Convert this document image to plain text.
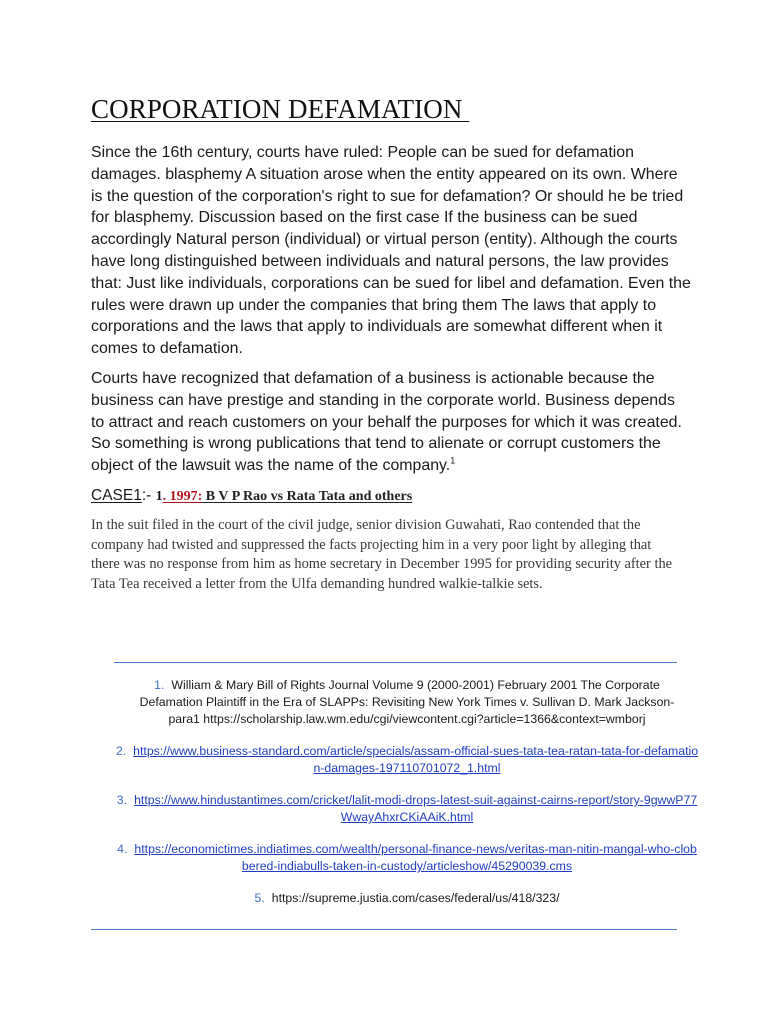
CORPORATION DEFAMATION

Since the 16th century, courts have ruled: People can be sued for defamation damages. blasphemy A situation arose when the entity appeared on its own. Where is the question of the corporation's right to sue for defamation? Or should he be tried for blasphemy. Discussion based on the first case If the business can be sued accordingly Natural person (individual) or virtual person (entity). Although the courts have long distinguished between individuals and natural persons, the law provides that: Just like individuals, corporations can be sued for libel and defamation. Even the rules were drawn up under the companies that bring them The laws that apply to corporations and the laws that apply to individuals are somewhat different when it comes to defamation.

Courts have recognized that defamation of a business is actionable because the business can have prestige and standing in the corporate world. Business depends to attract and reach customers on your behalf the purposes for which it was created. So something is wrong publications that tend to alienate or corrupt customers the object of the lawsuit was the name of the company.$^1$

CASE1:- 1. 1997: B V P Rao vs Rata Tata and others

In the suit filed in the court of the civil judge, senior division Guwahati, Rao contended that the company had twisted and suppressed the facts projecting him in a very poor light by alleging that there was no response from him as home secretary in December 1995 for providing security after the Tata Tea received a letter from the Ulfa demanding hundred walkie-talkie sets.

1. William & Mary Bill of Rights Journal Volume 9 (2000-2001) February 2001 The Corporate Defamation Plaintiff in the Era of SLAPPs: Revisiting New York Times v. Sullivan D. Mark Jackson-para1 https://scholarship.law.wm.edu/cgi/viewcontent.cgi?article=1366&context=wmborj
2. https://www.business-standard.com/article/specials/assam-official-sues-tata-tea-ratan-tata-for-defamation-damages-197110701072_1.html
3. https://www.hindustantimes.com/cricket/lalit-modi-drops-latest-suit-against-cairns-report/story-9gwwP77WwayAhxrCKiAAiK.html
4. https://economictimes.indiatimes.com/wealth/personal-finance-news/veritas-man-nitin-mangal-who-clobbered-indiabulls-taken-in-custody/articleshow/45290039.cms
5. https://supreme.justia.com/cases/federal/us/418/323/
